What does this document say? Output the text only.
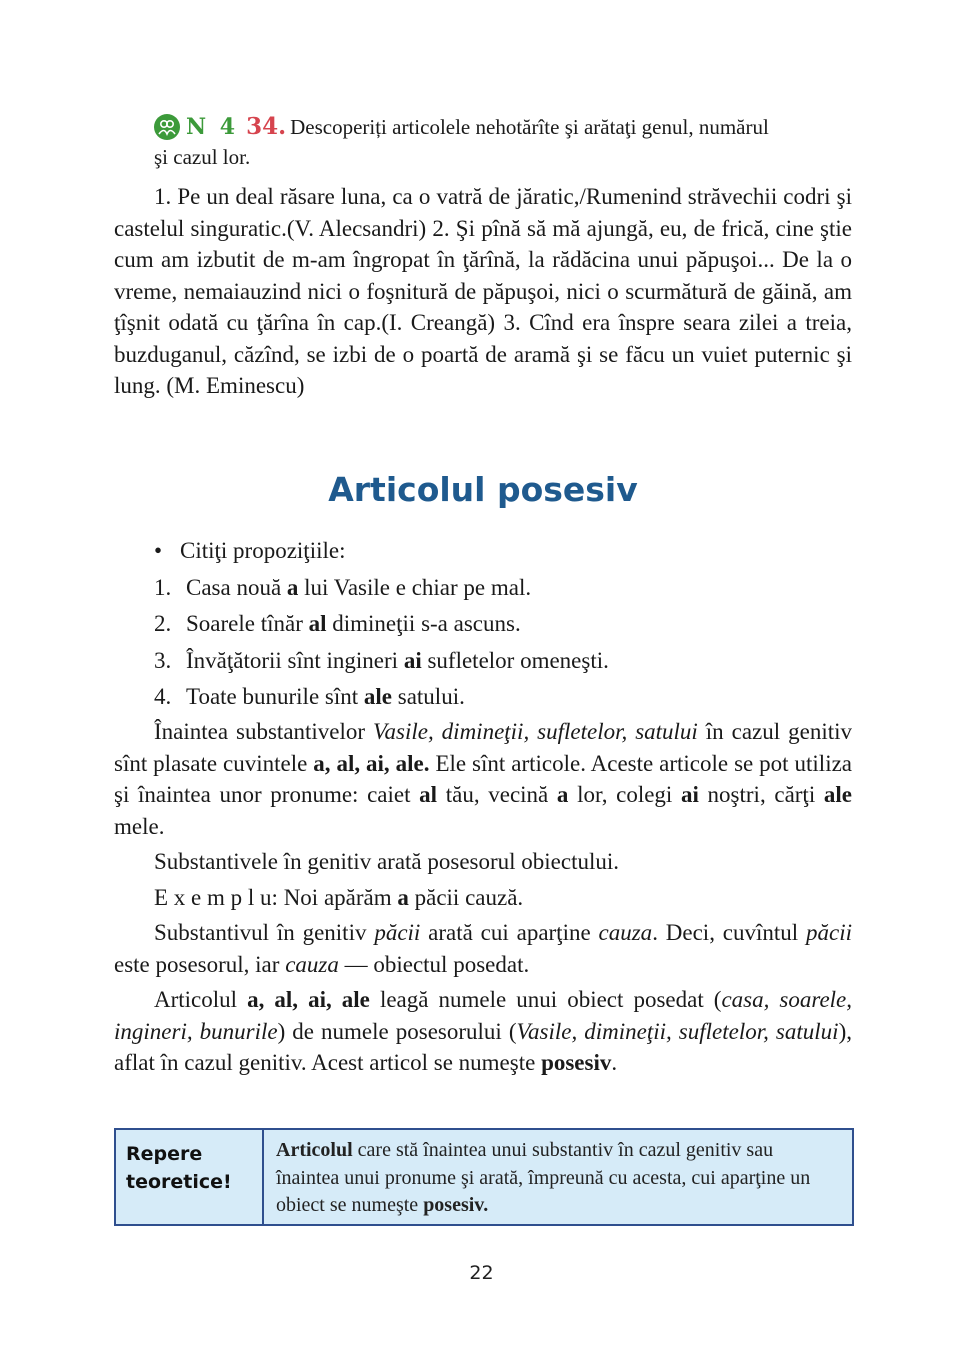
N 4 34. Descoperiți articolele nehotărîte şi arătaţi genul, numărul

şi cazul lor.

1. Pe un deal răsare luna, ca o vatră de jăratic,/Rumenind străvechii codri şi castelul singuratic.(V. Alecsandri) 2. Şi pînă să mă ajungă, eu, de frică, cine ştie cum am izbutit de m-am îngropat în ţărînă, la rădăcina unui păpuşoi... De la o vreme, nemaiauzind nici o foşnitură de păpuşoi, nici o scurmătură de găină, am ţîşnit odată cu ţărîna în cap.(I. Creangă) 3. Cînd era înspre seara zilei a treia, buzduganul, căzînd, se izbi de o poartă de aramă şi se făcu un vuiet puternic şi lung. (M. Eminescu)

Articolul posesiv

• Citiţi propoziţiile:

1. Casa nouă a lui Vasile e chiar pe mal.

2. Soarele tînăr al dimineţii s-a ascuns.

3. Învăţătorii sînt ingineri ai sufletelor omeneşti.

4. Toate bunurile sînt ale satului.

Înaintea substantivelor Vasile, dimineţii, sufletelor, satului în cazul genitiv sînt plasate cuvintele a, al, ai, ale. Ele sînt articole. Aceste articole se pot utiliza şi înaintea unor pronume: caiet al tău, vecină a lor, colegi ai noştri, cărţi ale mele.

Substantivele în genitiv arată posesorul obiectului.

E x e m p l u: Noi apărăm a păcii cauză.

Substantivul în genitiv păcii arată cui aparţine cauza. Deci, cuvîntul păcii este posesorul, iar cauza — obiectul posedat.

Articolul a, al, ai, ale leagă numele unui obiect posedat (casa, soarele, ingineri, bunurile) de numele posesorului (Vasile, dimineţii, sufletelor, satului), aflat în cazul genitiv. Acest articol se numeşte posesiv.

Repere teoretice!
Articolul care stă înaintea unui substantiv în cazul genitiv sau înaintea unui pronume şi arată, împreună cu acesta, cui aparţine un obiect se numeşte posesiv.
22
